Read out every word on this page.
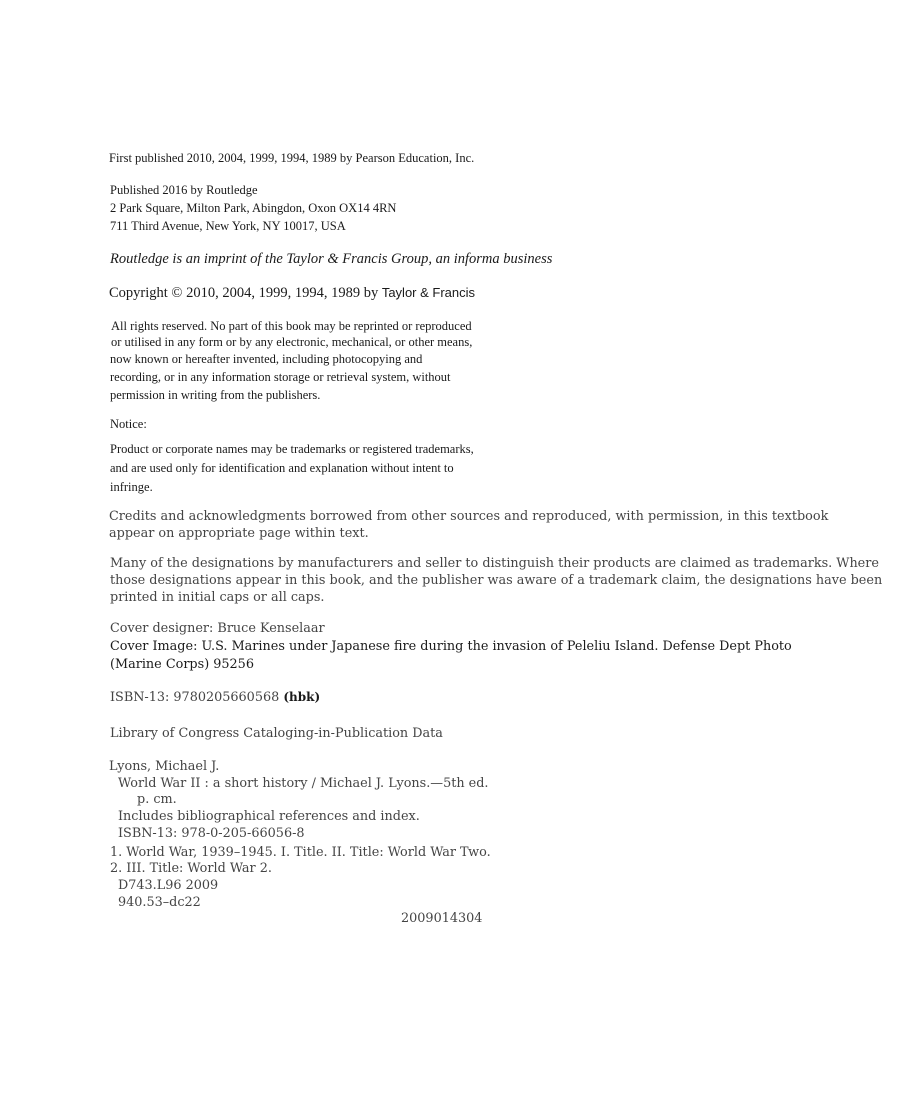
First published 2010, 2004, 1999, 1994, 1989 by Pearson Education, Inc.
Published 2016 by Routledge
2 Park Square, Milton Park, Abingdon, Oxon OX14 4RN
711 Third Avenue, New York, NY 10017, USA
Routledge is an imprint of the Taylor & Francis Group, an informa business
Copyright © 2010, 2004, 1999, 1994, 1989 by Taylor & Francis
All rights reserved. No part of this book may be reprinted or reproduced
or utilised in any form or by any electronic, mechanical, or other means,
now known or hereafter invented, including photocopying and
recording, or in any information storage or retrieval system, without
permission in writing from the publishers.
Notice:
Product or corporate names may be trademarks or registered trademarks,
and are used only for identification and explanation without intent to
infringe.
Credits and acknowledgments borrowed from other sources and reproduced, with permission, in this textbook
appear on appropriate page within text.
Many of the designations by manufacturers and seller to distinguish their products are claimed as trademarks. Where
those designations appear in this book, and the publisher was aware of a trademark claim, the designations have been
printed in initial caps or all caps.
Cover designer: Bruce Kenselaar
Cover Image: U.S. Marines under Japanese fire during the invasion of Peleliu Island. Defense Dept Photo
(Marine Corps) 95256
ISBN-13: 9780205660568 (hbk)
Library of Congress Cataloging-in-Publication Data
Lyons, Michael J.
World War II : a short history / Michael J. Lyons.—5th ed.
p. cm.
Includes bibliographical references and index.
ISBN-13: 978-0-205-66056-8
1. World War, 1939–1945. I. Title. II. Title: World War Two.
2. III. Title: World War 2.
D743.L96 2009
940.53–dc22
2009014304
